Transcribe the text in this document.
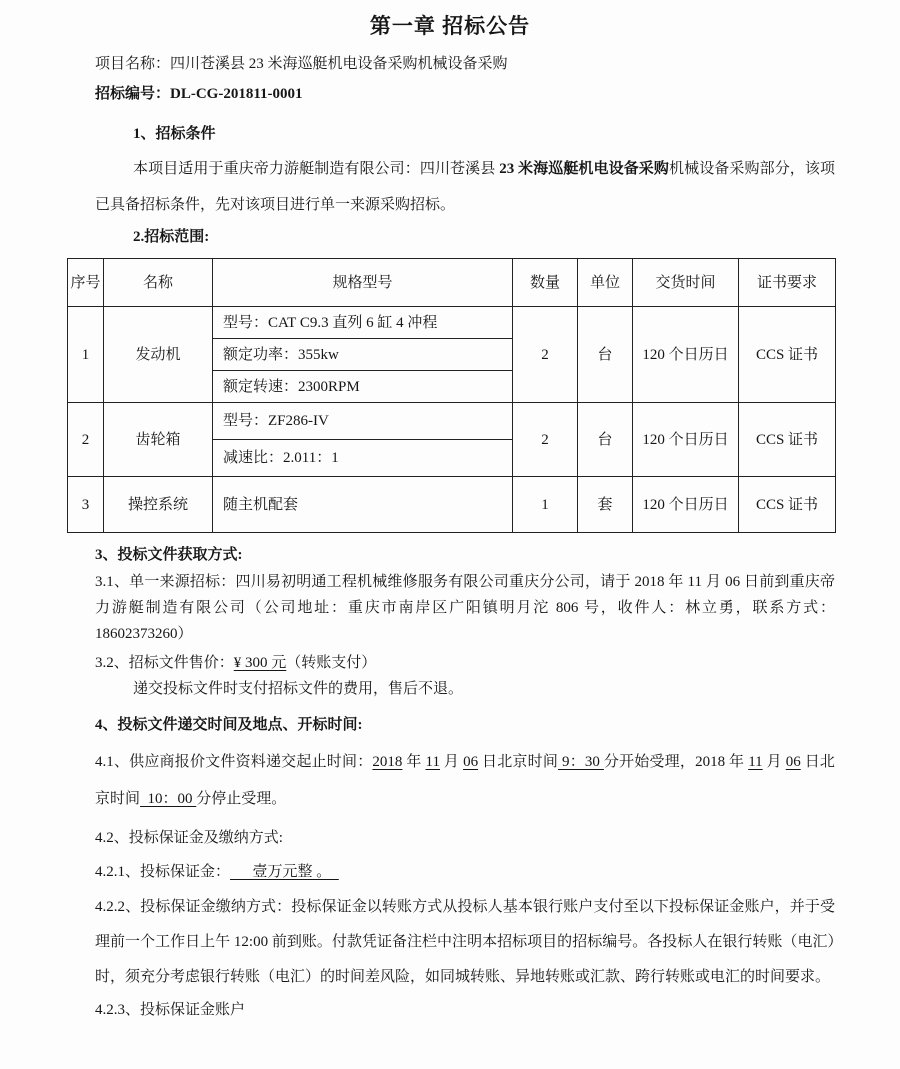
第一章 招标公告

项目名称：四川苍溪县 23 米海巡艇机电设备采购机械设备采购

招标编号：DL-CG-201811-0001

1、招标条件

本项目适用于重庆帝力游艇制造有限公司：四川苍溪县 23 米海巡艇机电设备采购机械设备采购部分，该项已具备招标条件，先对该项目进行单一来源采购招标。

2.招标范围:

序号	名称	规格型号	数量	单位	交货时间	证书要求
1	发动机	型号：CAT C9.3 直列 6 缸 4 冲程	2	台	120 个日历日	CCS 证书
		额定功率：355kw				
		额定转速：2300RPM				
2	齿轮箱	型号：ZF286-IV	2	台	120 个日历日	CCS 证书
		减速比：2.011：1				
3	操控系统	随主机配套	1	套	120 个日历日	CCS 证书

3、投标文件获取方式:

3.1、单一来源招标：四川易初明通工程机械维修服务有限公司重庆分公司，请于 2018 年 11 月 06 日前到重庆帝力游艇制造有限公司（公司地址：重庆市南岸区广阳镇明月沱 806 号，收件人：林立勇，联系方式：18602373260）

3.2、招标文件售价：¥ 300 元（转账支付）

递交投标文件时支付招标文件的费用，售后不退。

4、投标文件递交时间及地点、开标时间:

4.1、供应商报价文件资料递交起止时间：2018 年 11 月 06 日北京时间 9：30 分开始受理，2018 年 11 月 06 日北京时间  10：00 分停止受理。

4.2、投标保证金及缴纳方式:

4.2.1、投标保证金：      壹万元整 。

4.2.2、投标保证金缴纳方式：投标保证金以转账方式从投标人基本银行账户支付至以下投标保证金账户，并于受理前一个工作日上午 12:00 前到账。付款凭证备注栏中注明本招标项目的招标编号。各投标人在银行转账（电汇）时，须充分考虑银行转账（电汇）的时间差风险，如同城转账、异地转账或汇款、跨行转账或电汇的时间要求。

4.2.3、投标保证金账户
